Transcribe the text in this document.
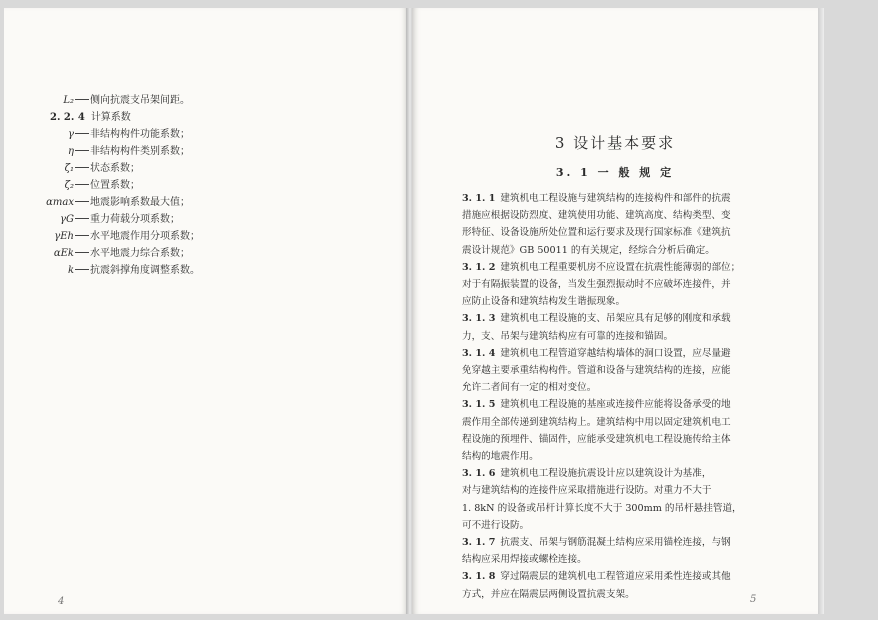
L₂ 侧向抗震支吊架间距。
2. 2. 4 计算系数
γ 非结构构件功能系数；
η 非结构构件类别系数；
ζ₁ 状态系数；
ζ₂ 位置系数；
αmax 地震影响系数最大值；
γG 重力荷载分项系数；
γEh 水平地震作用分项系数；
αEk 水平地震力综合系数；
k 抗震斜撑角度调整系数。
4
3 设计基本要求
3. 1 一 般 规 定
3. 1. 1 建筑机电工程设施与建筑结构的连接构件和部件的抗震
措施应根据设防烈度、建筑使用功能、建筑高度、结构类型、变
形特征、设备设施所处位置和运行要求及现行国家标准《建筑抗
震设计规范》GB 50011 的有关规定，经综合分析后确定。
3. 1. 2 建筑机电工程重要机房不应设置在抗震性能薄弱的部位；
对于有隔振装置的设备，当发生强烈振动时不应破坏连接件，并
应防止设备和建筑结构发生谐振现象。
3. 1. 3 建筑机电工程设施的支、吊架应具有足够的刚度和承载
力，支、吊架与建筑结构应有可靠的连接和锚固。
3. 1. 4 建筑机电工程管道穿越结构墙体的洞口设置，应尽量避
免穿越主要承重结构构件。管道和设备与建筑结构的连接，应能
允许二者间有一定的相对变位。
3. 1. 5 建筑机电工程设施的基座或连接件应能将设备承受的地
震作用全部传递到建筑结构上。建筑结构中用以固定建筑机电工
程设施的预埋件、锚固件，应能承受建筑机电工程设施传给主体
结构的地震作用。
3. 1. 6 建筑机电工程设施抗震设计应以建筑设计为基准，
对与建筑结构的连接件应采取措施进行设防。对重力不大于
1. 8kN 的设备或吊杆计算长度不大于 300mm 的吊杆悬挂管道，
可不进行设防。
3. 1. 7 抗震支、吊架与钢筋混凝土结构应采用锚栓连接，与钢
结构应采用焊接或螺栓连接。
3. 1. 8 穿过隔震层的建筑机电工程管道应采用柔性连接或其他
方式，并应在隔震层两侧设置抗震支架。	5
